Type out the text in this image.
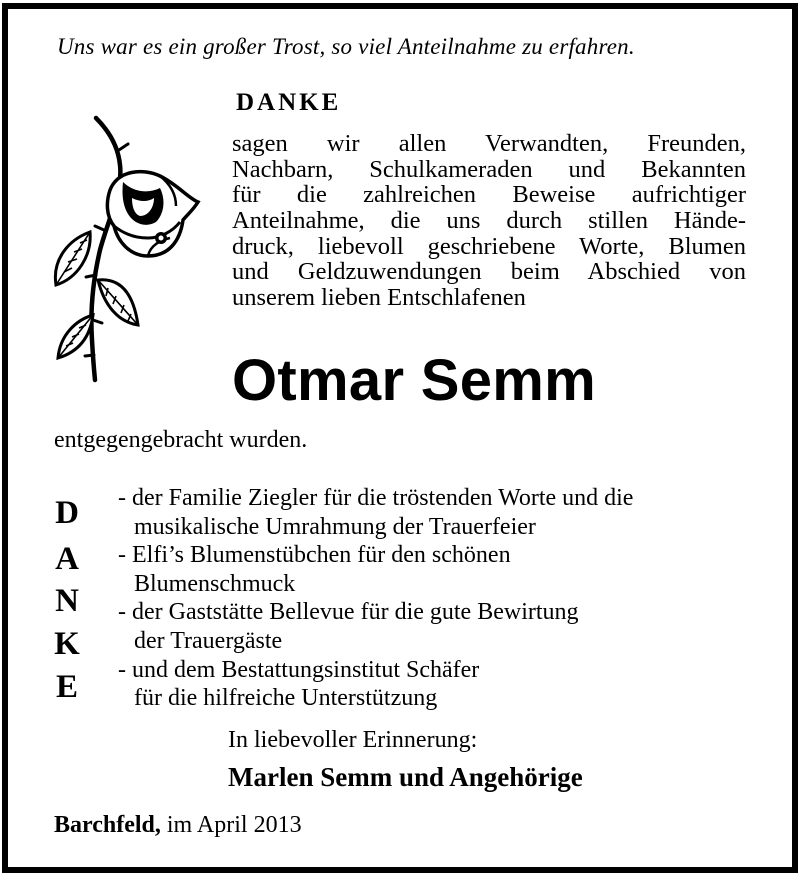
Uns war es ein großer Trost, so viel Anteilnahme zu erfahren.
DANKE
sagen wir allen Verwandten, Freunden,
Nachbarn, Schulkameraden und Bekannten
für die zahlreichen Beweise aufrichtiger
Anteilnahme, die uns durch stillen Hände-
druck, liebevoll geschriebene Worte, Blumen
und Geldzuwendungen beim Abschied von
unserem lieben Entschlafenen
Otmar Semm
entgegengebracht wurden.
D
A
N
K
E
- der Familie Ziegler für die tröstenden Worte und die
musikalische Umrahmung der Trauerfeier
- Elfi’s Blumenstübchen für den schönen
Blumenschmuck
- der Gaststätte Bellevue für die gute Bewirtung
der Trauergäste
- und dem Bestattungsinstitut Schäfer
für die hilfreiche Unterstützung
In liebevoller Erinnerung:
Marlen Semm und Angehörige
Barchfeld, im April 2013
